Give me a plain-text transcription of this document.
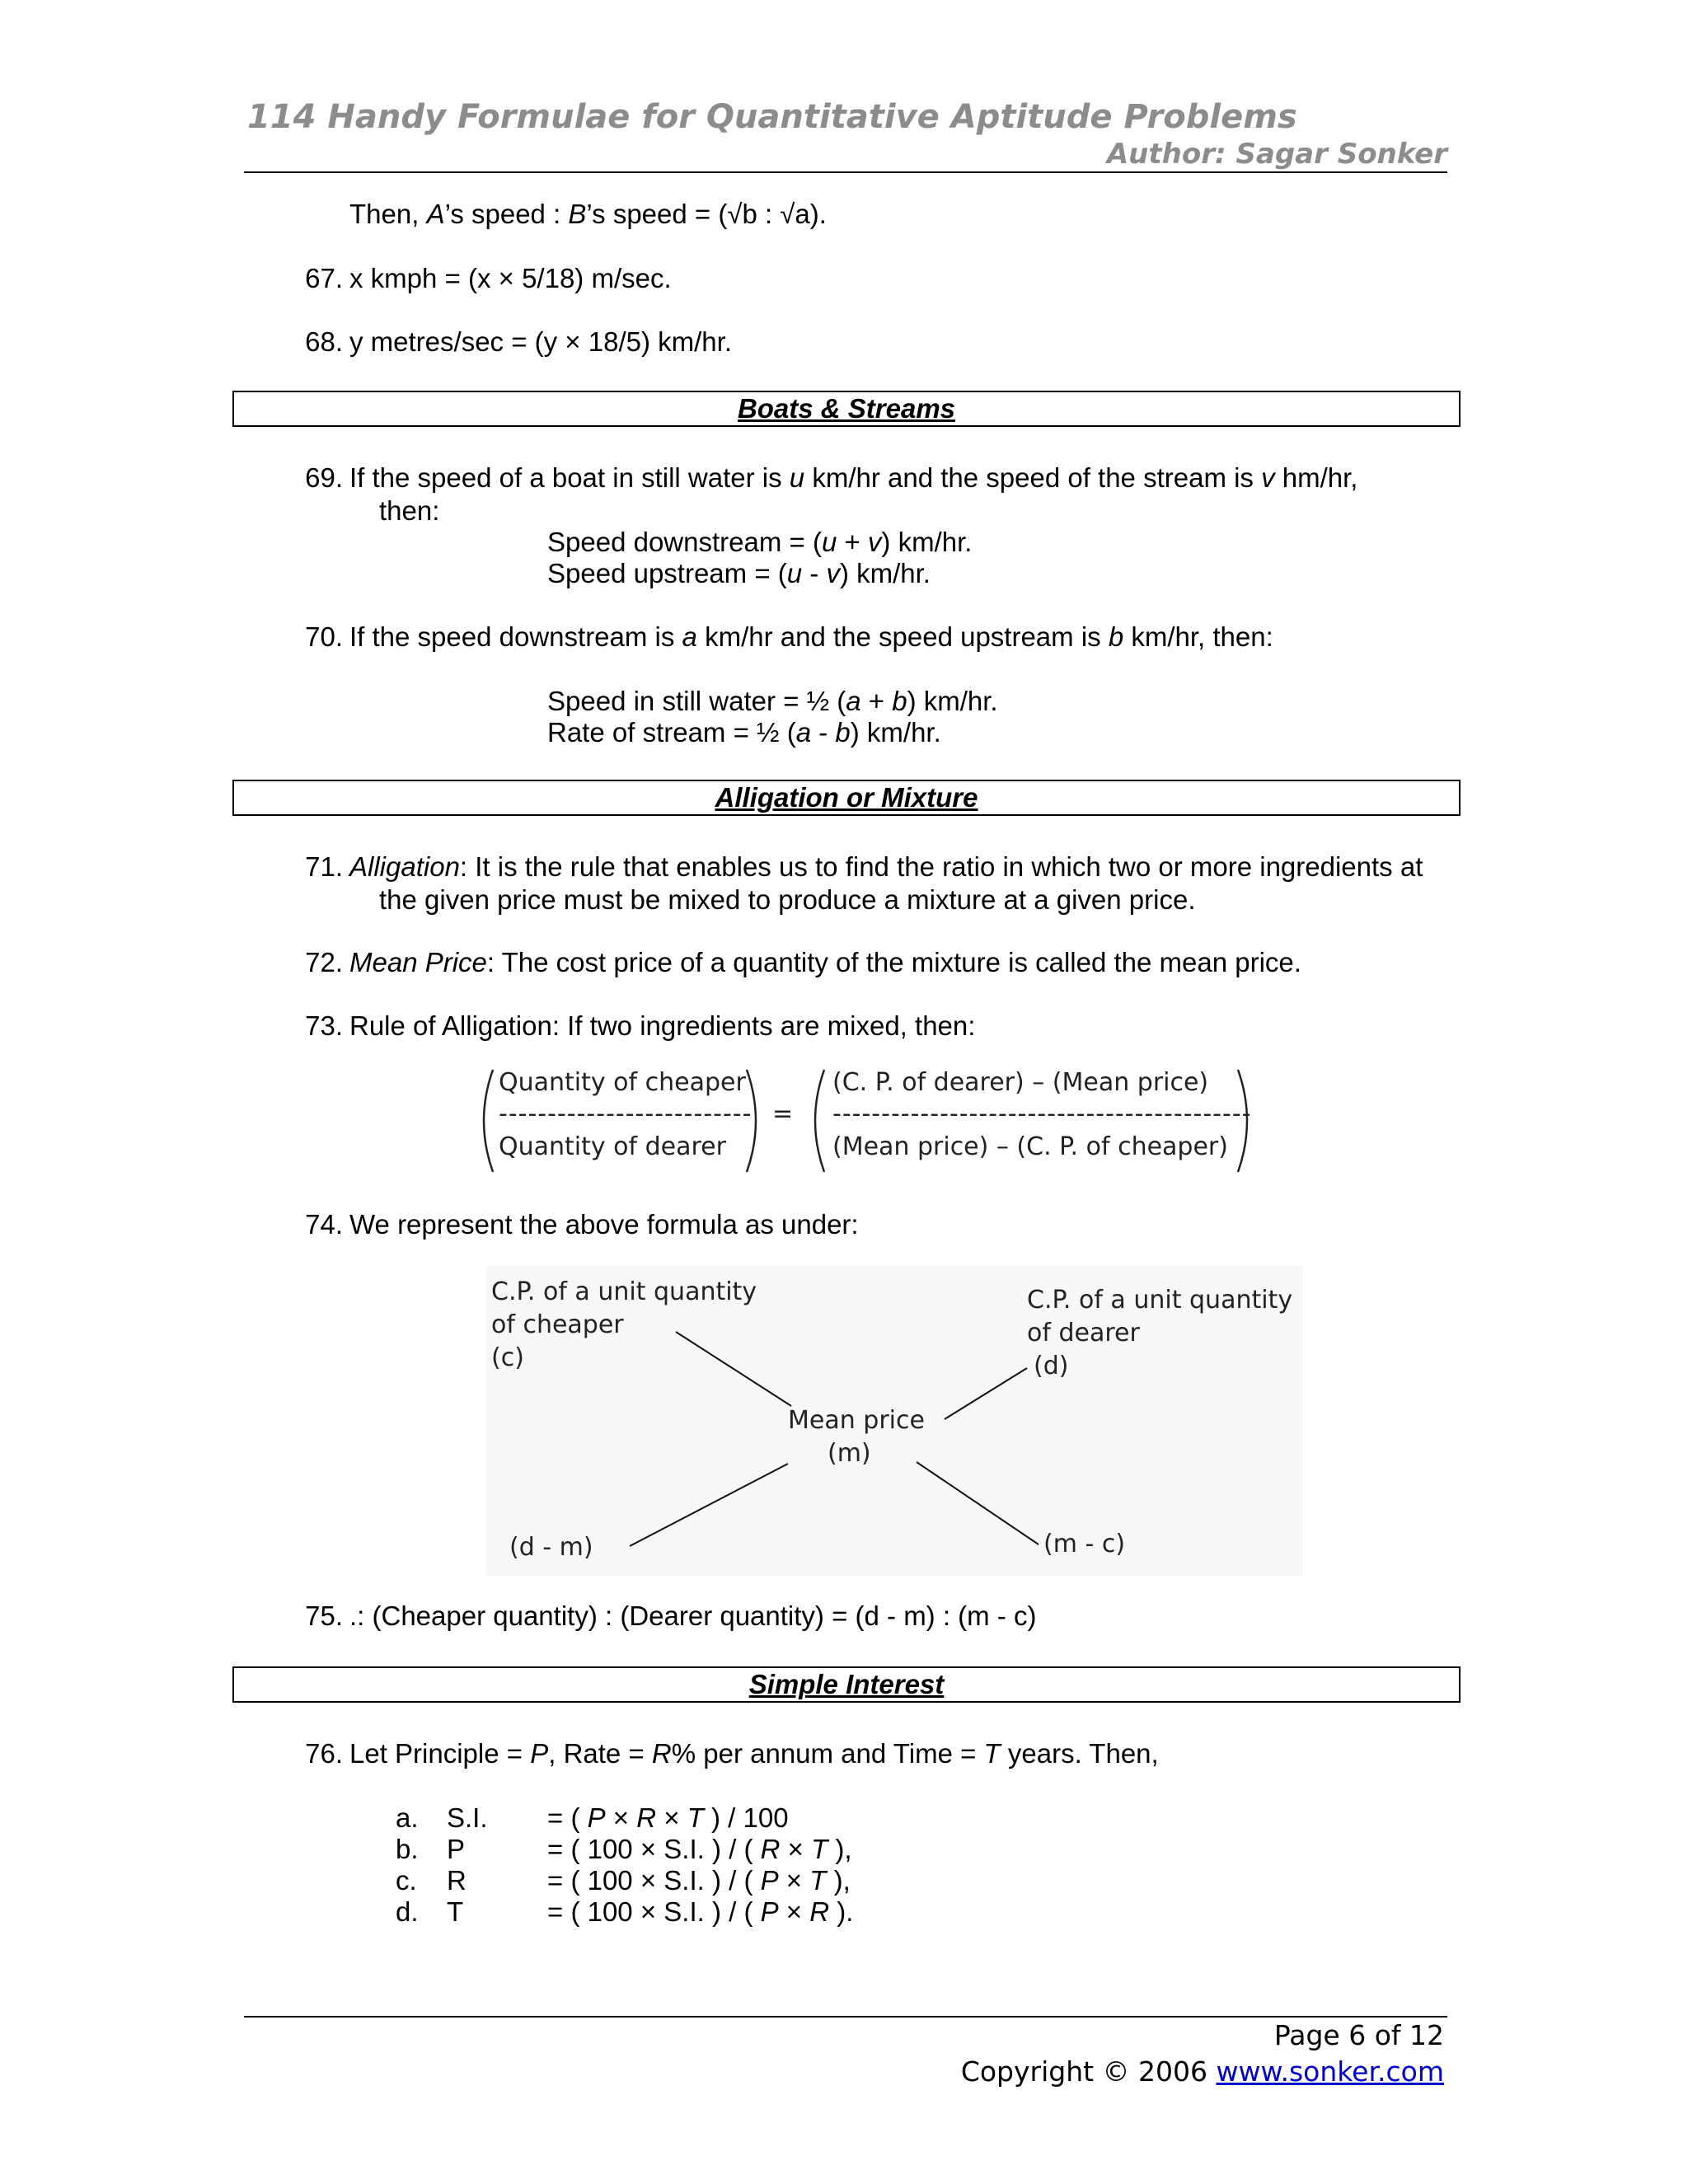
114 Handy Formulae for Quantitative Aptitude Problems
Author: Sagar Sonker
Then, A’s speed : B’s speed = (√b : √a).
67. x kmph = (x × 5/18) m/sec.
68. y metres/sec = (y × 18/5) km/hr.
Boats & Streams
69. If the speed of a boat in still water is u km/hr and the speed of the stream is v hm/hr,
then:
Speed downstream = (u + v) km/hr.
Speed upstream = (u - v) km/hr.
70. If the speed downstream is a km/hr and the speed upstream is b km/hr, then:
Speed in still water = ½ (a + b) km/hr.
Rate of stream = ½ (a - b) km/hr.
Alligation or Mixture
71. Alligation: It is the rule that enables us to find the ratio in which two or more ingredients at
the given price must be mixed to produce a mixture at a given price.
72. Mean Price: The cost price of a quantity of the mixture is called the mean price.
73. Rule of Alligation: If two ingredients are mixed, then:
Quantity of cheaper
--------------------------
Quantity of dearer
=
(C. P. of dearer) – (Mean price)
-------------------------------------------
(Mean price) – (C. P. of cheaper)
74. We represent the above formula as under:
C.P. of a unit quantity
of cheaper
(c)
C.P. of a unit quantity
of dearer
(d)
Mean price
(m)
(d - m)	(m - c)
75. .: (Cheaper quantity) : (Dearer quantity) = (d - m) : (m - c)
Simple Interest
76. Let Principle = P, Rate = R% per annum and Time = T years. Then,
a. S.I. = ( P × R × T ) / 100
b. P	= ( 100 × S.I. ) / ( R × T ),
c. R	= ( 100 × S.I. ) / ( P × T ),
d. T	= ( 100 × S.I. ) / ( P × R ).
Page 6 of 12
Copyright © 2006 www.sonker.com
